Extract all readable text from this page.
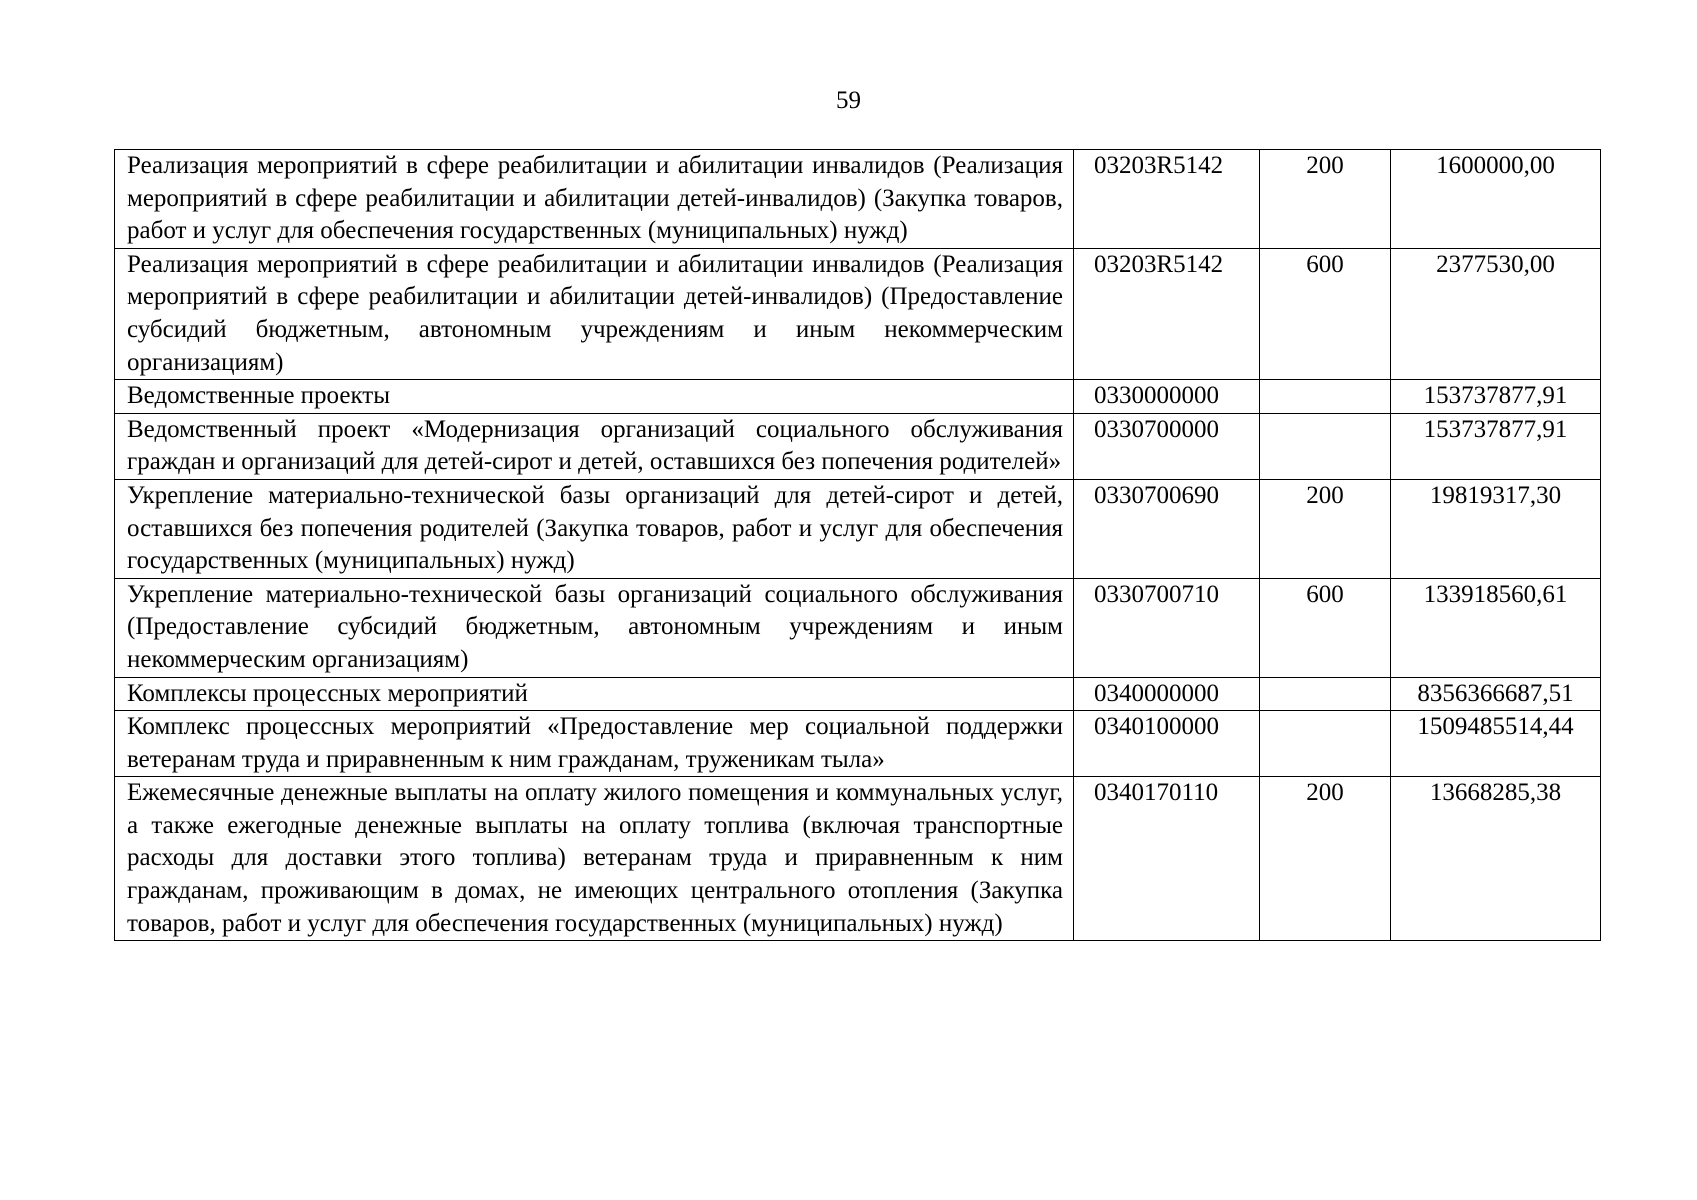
59
Реализация мероприятий в сфере реабилитации и абилитации инвалидов (Реализация мероприятий в сфере реабилитации и абилитации детей-инвалидов) (Закупка товаров, работ и услуг для обеспечения государственных (муниципальных) нужд)	03203R5142	200	1600000,00
Реализация мероприятий в сфере реабилитации и абилитации инвалидов (Реализация мероприятий в сфере реабилитации и абилитации детей-инвалидов) (Предоставление субсидий бюджетным, автономным учреждениям и иным некоммерческим организациям)	03203R5142	600	2377530,00
Ведомственные проекты	0330000000		153737877,91
Ведомственный проект «Модернизация организаций социального обслуживания граждан и организаций для детей-сирот и детей, оставшихся без попечения родителей»	0330700000		153737877,91
Укрепление материально-технической базы организаций для детей-сирот и детей, оставшихся без попечения родителей (Закупка товаров, работ и услуг для обеспечения государственных (муниципальных) нужд)	0330700690	200	19819317,30
Укрепление материально-технической базы организаций социального обслуживания (Предоставление субсидий бюджетным, автономным учреждениям и иным некоммерческим организациям)	0330700710	600	133918560,61
Комплексы процессных мероприятий	0340000000		8356366687,51
Комплекс процессных мероприятий «Предоставление мер социальной поддержки ветеранам труда и приравненным к ним гражданам, труженикам тыла»	0340100000		1509485514,44
Ежемесячные денежные выплаты на оплату жилого помещения и коммунальных услуг, а также ежегодные денежные выплаты на оплату топлива (включая транспортные расходы для доставки этого топлива) ветеранам труда и приравненным к ним гражданам, проживающим в домах, не имеющих центрального отопления (Закупка товаров, работ и услуг для обеспечения государственных (муниципальных) нужд)	0340170110	200	13668285,38
